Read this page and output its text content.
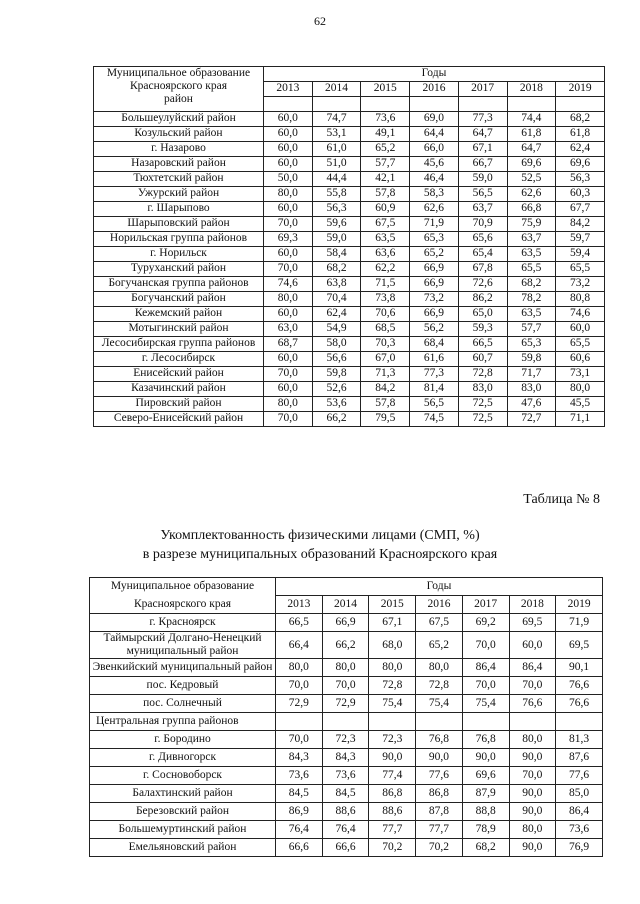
62
Муниципальное образование
Красноярского края
район	Годы						
	2013	2014	2015	2016	2017	2018	2019

Большеулуйский район	60,0	74,7	73,6	69,0	77,3	74,4	68,2
Козульский район	60,0	53,1	49,1	64,4	64,7	61,8	61,8
г. Назарово	60,0	61,0	65,2	66,0	67,1	64,7	62,4
Назаровский район	60,0	51,0	57,7	45,6	66,7	69,6	69,6
Тюхтетский район	50,0	44,4	42,1	46,4	59,0	52,5	56,3
Ужурский район	80,0	55,8	57,8	58,3	56,5	62,6	60,3
г. Шарыпово	60,0	56,3	60,9	62,6	63,7	66,8	67,7
Шарыповский район	70,0	59,6	67,5	71,9	70,9	75,9	84,2
Норильская группа районов	69,3	59,0	63,5	65,3	65,6	63,7	59,7
г. Норильск	60,0	58,4	63,6	65,2	65,4	63,5	59,4
Туруханский район	70,0	68,2	62,2	66,9	67,8	65,5	65,5
Богучанская группа районов	74,6	63,8	71,5	66,9	72,6	68,2	73,2
Богучанский район	80,0	70,4	73,8	73,2	86,2	78,2	80,8
Кежемский район	60,0	62,4	70,6	66,9	65,0	63,5	74,6
Мотыгинский район	63,0	54,9	68,5	56,2	59,3	57,7	60,0
Лесосибирская группа районов	68,7	58,0	70,3	68,4	66,5	65,3	65,5
г. Лесосибирск	60,0	56,6	67,0	61,6	60,7	59,8	60,6
Енисейский район	70,0	59,8	71,3	77,3	72,8	71,7	73,1
Казачинский район	60,0	52,6	84,2	81,4	83,0	83,0	80,0
Пировский район	80,0	53,6	57,8	56,5	72,5	47,6	45,5
Северо-Енисейский район	70,0	66,2	79,5	74,5	72,5	72,7	71,1
Таблица № 8
Укомплектованность физическими лицами (СМП, %)
в разрезе муниципальных образований Красноярского края
Муниципальное образование
Красноярского края	Годы						
	2013	2014	2015	2016	2017	2018	2019
г. Красноярск	66,5	66,9	67,1	67,5	69,2	69,5	71,9
Таймырский Долгано-Ненецкий муниципальный район	66,4	66,2	68,0	65,2	70,0	60,0	69,5
Эвенкийский муниципальный район	80,0	80,0	80,0	80,0	86,4	86,4	90,1
пос. Кедровый	70,0	70,0	72,8	72,8	70,0	70,0	76,6
пос. Солнечный	72,9	72,9	75,4	75,4	75,4	76,6	76,6
Центральная группа районов							
г. Бородино	70,0	72,3	72,3	76,8	76,8	80,0	81,3
г. Дивногорск	84,3	84,3	90,0	90,0	90,0	90,0	87,6
г. Сосновоборск	73,6	73,6	77,4	77,6	69,6	70,0	77,6
Балахтинский район	84,5	84,5	86,8	86,8	87,9	90,0	85,0
Березовский район	86,9	88,6	88,6	87,8	88,8	90,0	86,4
Большемуртинский район	76,4	76,4	77,7	77,7	78,9	80,0	73,6
Емельяновский район	66,6	66,6	70,2	70,2	68,2	90,0	76,9
